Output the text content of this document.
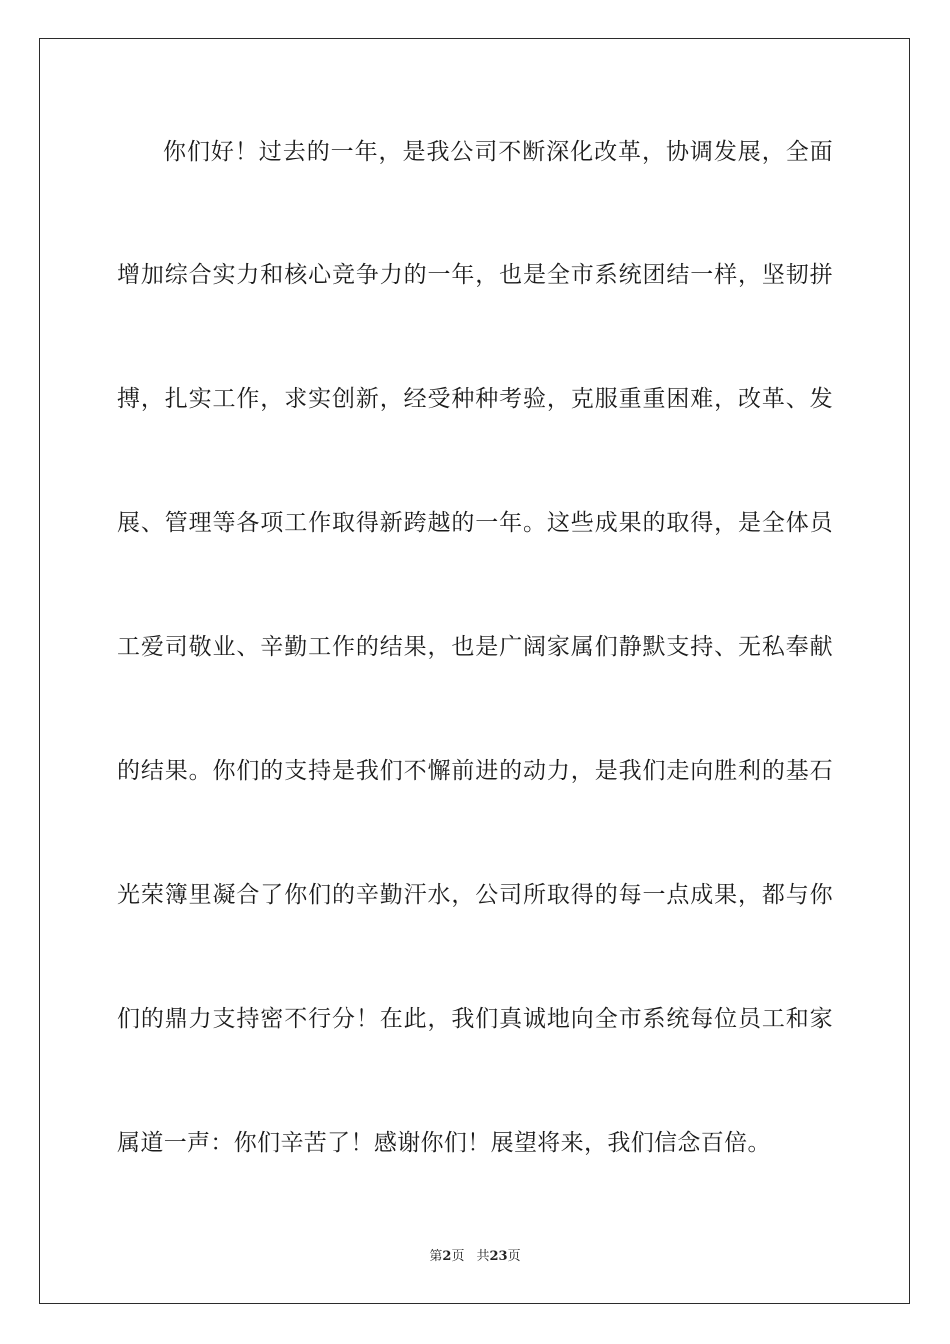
你们好！过去的一年，是我公司不断深化改革，协调发展，全面
增加综合实力和核心竞争力的一年，也是全市系统团结一样，坚韧拼
搏，扎实工作，求实创新，经受种种考验，克服重重困难，改革、发
展、管理等各项工作取得新跨越的一年。这些成果的取得，是全体员
工爱司敬业、辛勤工作的结果，也是广阔家属们静默支持、无私奉献
的结果。你们的支持是我们不懈前进的动力，是我们走向胜利的基石
光荣簿里凝合了你们的辛勤汗水，公司所取得的每一点成果，都与你
们的鼎力支持密不行分！在此，我们真诚地向全市系统每位员工和家
属道一声：你们辛苦了！感谢你们！展望将来，我们信念百倍。
第2页 共23页
